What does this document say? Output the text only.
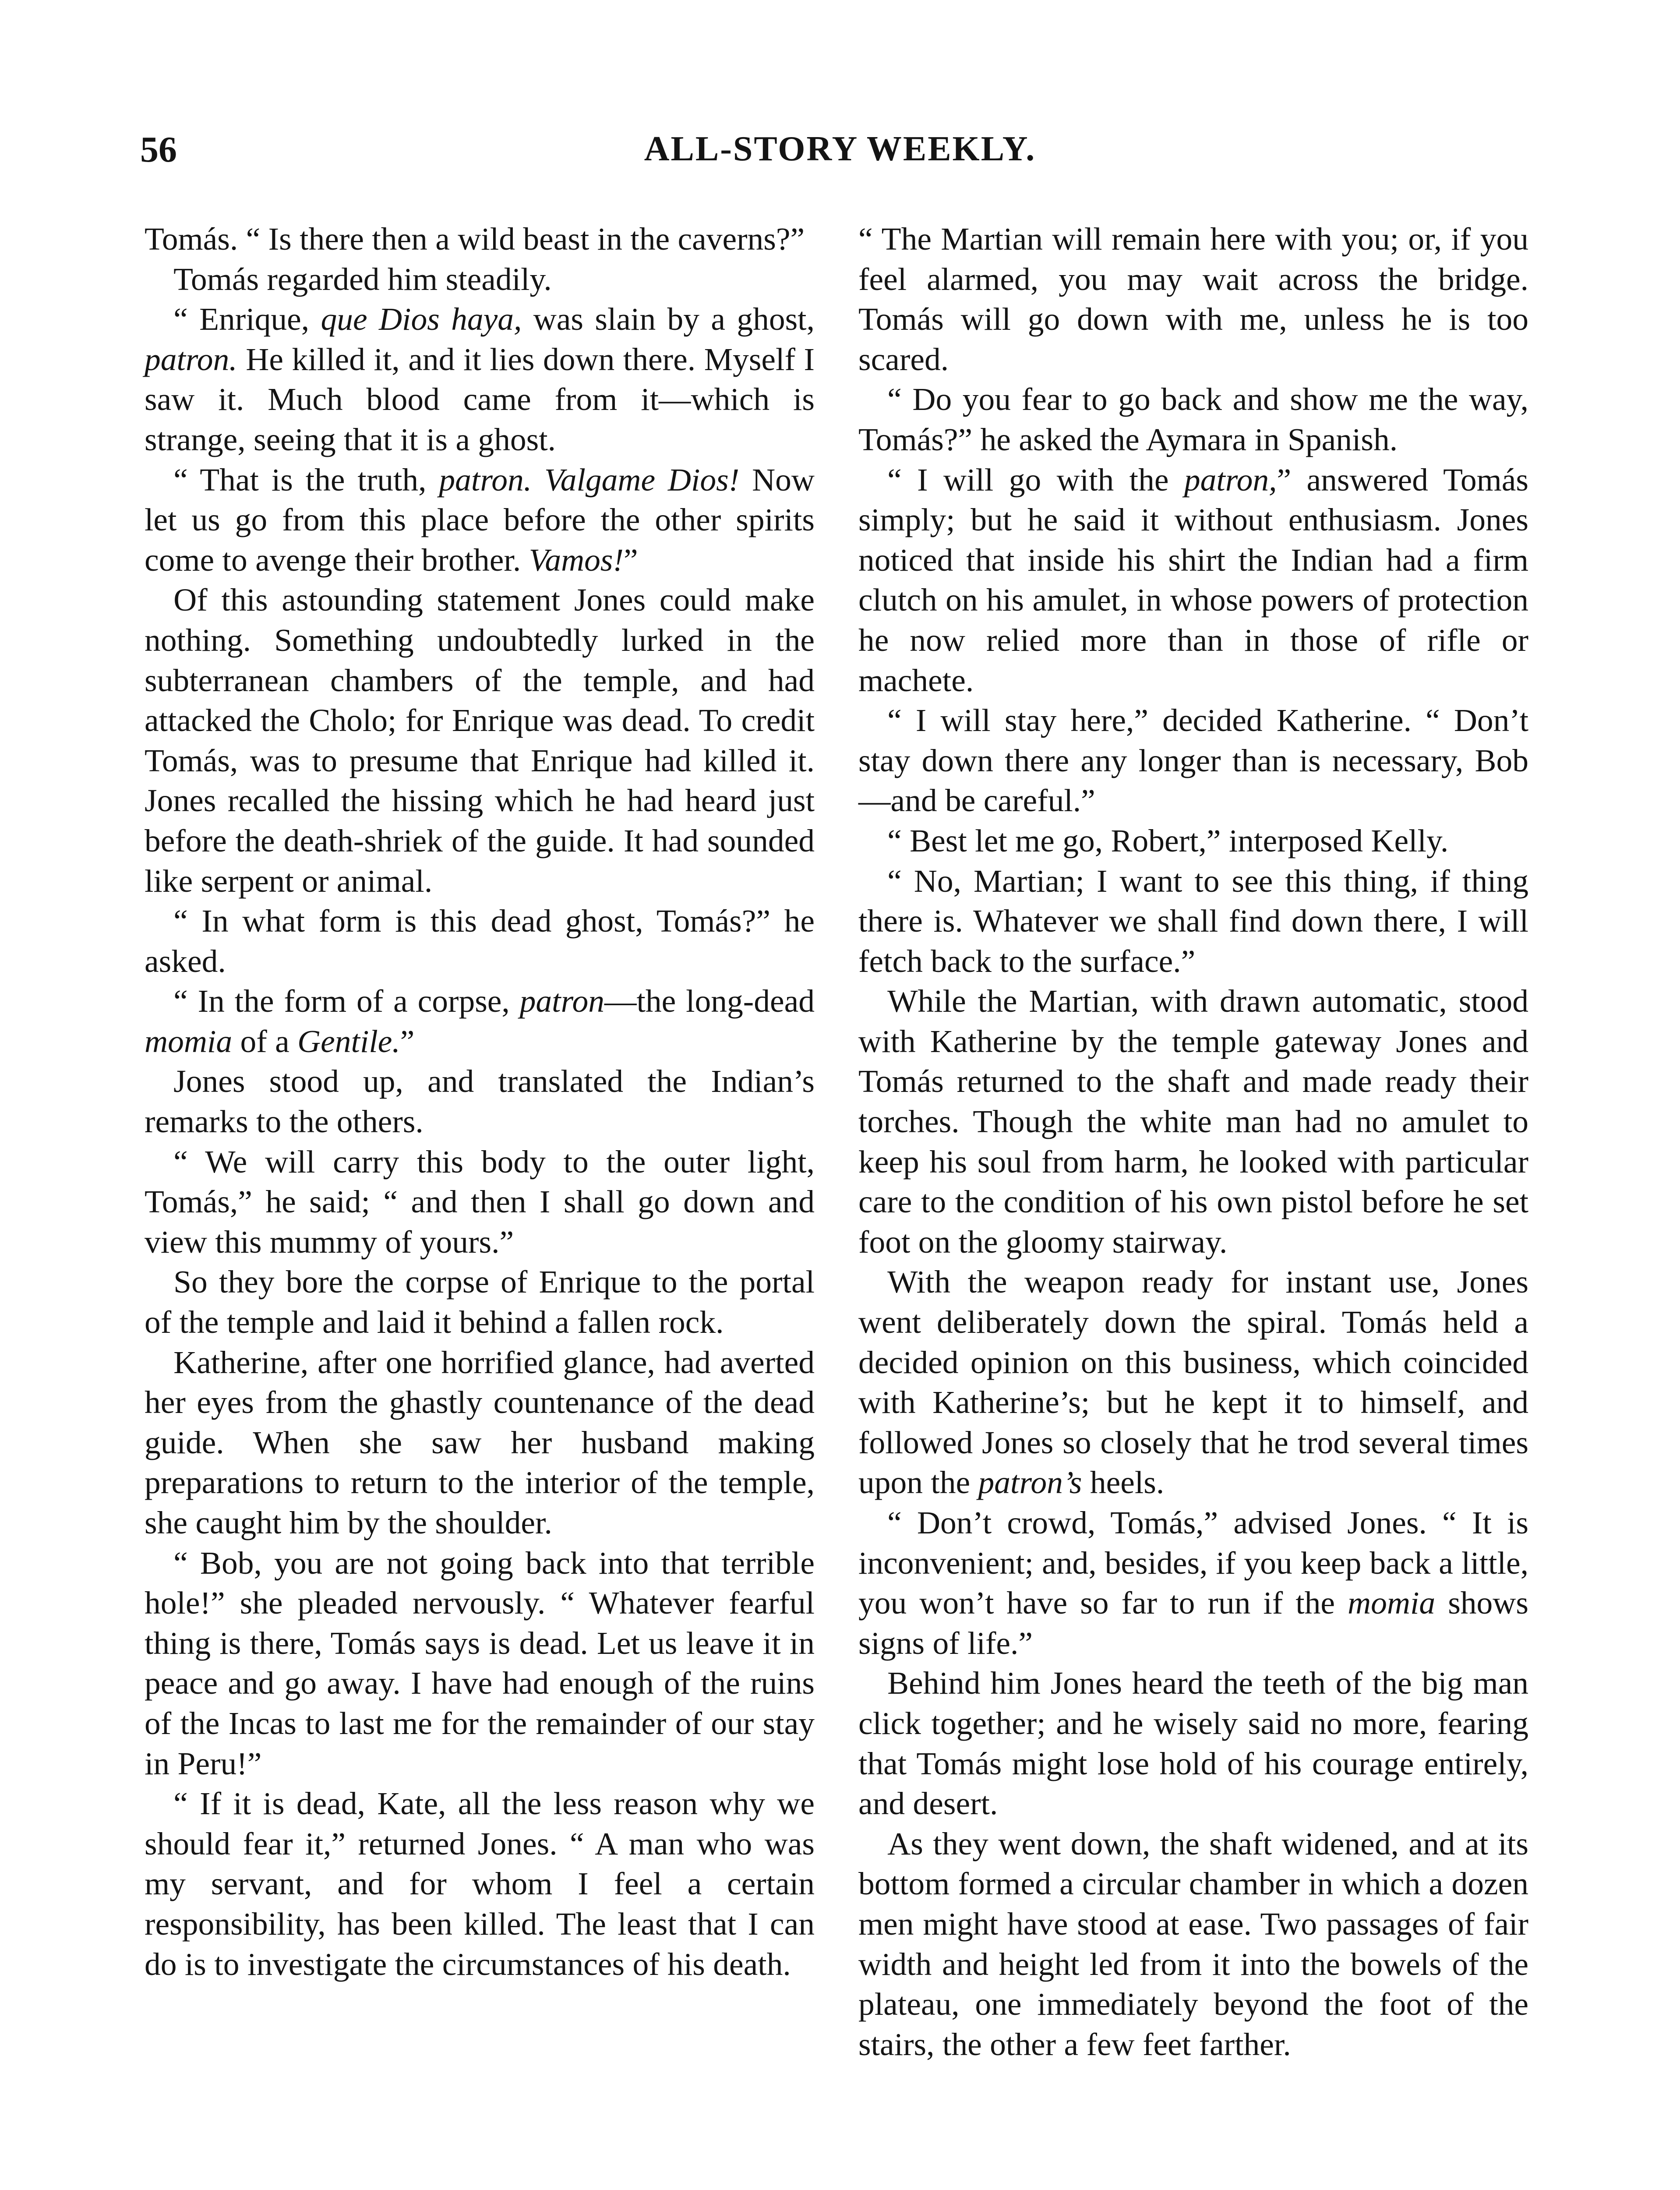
56	ALL-STORY WEEKLY.

Tomás. “ Is there then a wild beast in the caverns?”

Tomás regarded him steadily.

“ Enrique, que Dios haya, was slain by a ghost, patron. He killed it, and it lies down there. Myself I saw it. Much blood came from it—which is strange, seeing that it is a ghost.

“ That is the truth, patron. Valgame Dios! Now let us go from this place before the other spirits come to avenge their brother. Vamos!”

Of this astounding statement Jones could make nothing. Something undoubtedly lurked in the subterranean chambers of the temple, and had attacked the Cholo; for Enrique was dead. To credit Tomás, was to presume that Enrique had killed it. Jones recalled the hissing which he had heard just before the death-shriek of the guide. It had sounded like serpent or animal.

“ In what form is this dead ghost, Tomás?” he asked.

“ In the form of a corpse, patron—the long-dead momia of a Gentile.”

Jones stood up, and translated the Indian’s remarks to the others.

“ We will carry this body to the outer light, Tomás,” he said; “ and then I shall go down and view this mummy of yours.”

So they bore the corpse of Enrique to the portal of the temple and laid it behind a fallen rock.

Katherine, after one horrified glance, had averted her eyes from the ghastly countenance of the dead guide. When she saw her husband making preparations to return to the interior of the temple, she caught him by the shoulder.

“ Bob, you are not going back into that terrible hole!” she pleaded nervously. “ Whatever fearful thing is there, Tomás says is dead. Let us leave it in peace and go away. I have had enough of the ruins of the Incas to last me for the remainder of our stay in Peru!”

“ If it is dead, Kate, all the less reason why we should fear it,” returned Jones. “ A man who was my servant, and for whom I feel a certain responsibility, has been killed. The least that I can do is to investigate the circumstances of his death.

“ The Martian will remain here with you; or, if you feel alarmed, you may wait across the bridge. Tomás will go down with me, unless he is too scared.

“ Do you fear to go back and show me the way, Tomás?” he asked the Aymara in Spanish.

“ I will go with the patron,” answered Tomás simply; but he said it without enthusiasm. Jones noticed that inside his shirt the Indian had a firm clutch on his amulet, in whose powers of protection he now relied more than in those of rifle or machete.

“ I will stay here,” decided Katherine. “ Don’t stay down there any longer than is necessary, Bob—and be careful.”

“ Best let me go, Robert,” interposed Kelly.

“ No, Martian; I want to see this thing, if thing there is. Whatever we shall find down there, I will fetch back to the surface.”

While the Martian, with drawn automatic, stood with Katherine by the temple gateway Jones and Tomás returned to the shaft and made ready their torches. Though the white man had no amulet to keep his soul from harm, he looked with particular care to the condition of his own pistol before he set foot on the gloomy stairway.

With the weapon ready for instant use, Jones went deliberately down the spiral. Tomás held a decided opinion on this business, which coincided with Katherine’s; but he kept it to himself, and followed Jones so closely that he trod several times upon the patron’s heels.

“ Don’t crowd, Tomás,” advised Jones. “ It is inconvenient; and, besides, if you keep back a little, you won’t have so far to run if the momia shows signs of life.”

Behind him Jones heard the teeth of the big man click together; and he wisely said no more, fearing that Tomás might lose hold of his courage entirely, and desert.

As they went down, the shaft widened, and at its bottom formed a circular chamber in which a dozen men might have stood at ease. Two passages of fair width and height led from it into the bowels of the plateau, one immediately beyond the foot of the stairs, the other a few feet farther.
